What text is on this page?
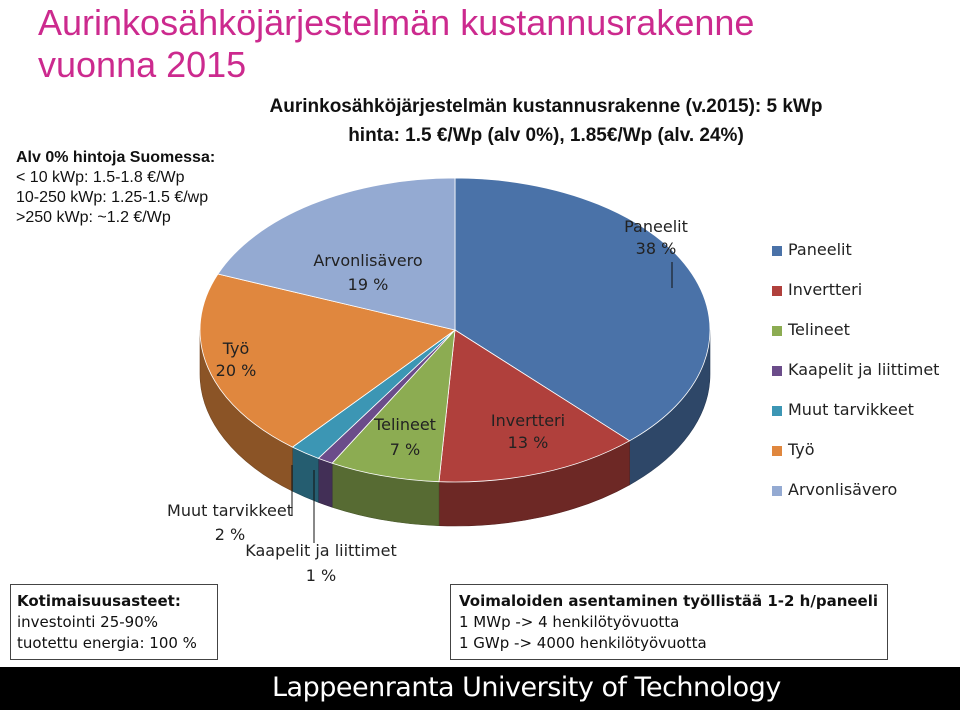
Aurinkosähköjärjestelmän kustannusrakenne
vuonna 2015
Alv 0% hintoja Suomessa:
< 10 kWp: 1.5-1.8 €/Wp
10-250 kWp: 1.25-1.5 €/wp
>250 kWp: ~1.2 €/Wp
Aurinkosähköjärjestelmän kustannusrakenne (v.2015): 5 kWp
hinta: 1.5 €/Wp (alv 0%), 1.85€/Wp (alv. 24%)
Paneelit
38 %
Invertteri
13 %
Telineet
7 %
Kaapelit ja liittimet
1 %
Muut tarvikkeet
2 %
Työ
20 %
Arvonlisävero
19 %
Paneelit
Invertteri
Telineet
Kaapelit ja liittimet
Muut tarvikkeet
Työ
Arvonlisävero
Kotimaisuusasteet:
investointi 25-90%
tuotettu energia: 100 %
Voimaloiden asentaminen työllistää 1-2 h/paneeli
1 MWp -> 4 henkilötyövuotta
1 GWp -> 4000 henkilötyövuotta
Lappeenranta University of Technology
